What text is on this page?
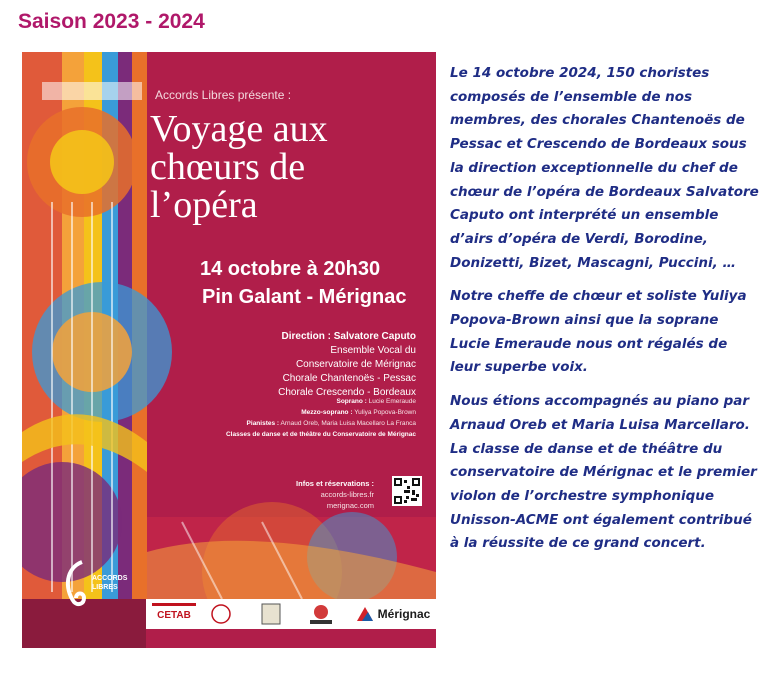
Saison 2023 - 2024
Accords Libres présente :
Voyage aux
chœurs de
l’opéra
14 octobre à 20h30
Pin Galant - Mérignac
Direction : Salvatore Caputo
Ensemble Vocal du
Conservatoire de Mérignac
Chorale Chantenoës - Pessac
Chorale Crescendo - Bordeaux
Soprano : Lucie Emeraude
Mezzo-soprano : Yuliya Popova-Brown
Pianistes : Arnaud Oreb, Maria Luisa Macellaro La Franca
Classes de danse et de théâtre du Conservatoire de Mérignac
Infos et réservations :
accords-libres.fr
merignac.com
ACCORDS
LIBRES
CETAB	Mérignac

Le 14 octobre 2024, 150 choristes composés de l’ensemble de nos membres, des chorales Chantenoës de Pessac et Crescendo de Bordeaux sous la direction exceptionnelle du chef de chœur de l’opéra de Bordeaux Salvatore Caputo ont interprété un ensemble d’airs d’opéra de Verdi, Borodine, Donizetti, Bizet, Mascagni, Puccini, …

Notre cheffe de chœur et soliste Yuliya Popova-Brown ainsi que la soprane Lucie Emeraude nous ont régalés de leur superbe voix.

Nous étions accompagnés au piano par Arnaud Oreb et Maria Luisa Marcellaro.

La classe de danse et de théâtre du conservatoire de Mérignac et le premier violon de l’orchestre symphonique Unisson-ACME ont également contribué à la réussite de ce grand concert.
